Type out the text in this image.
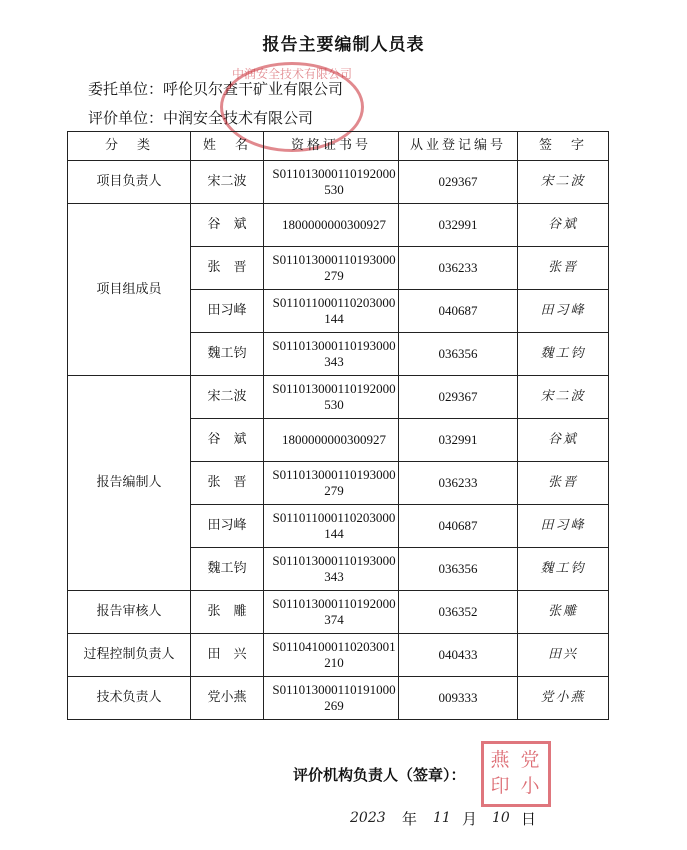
报告主要编制人员表
委托单位：呼伦贝尔查干矿业有限公司
评价单位：中润安全技术有限公司
中润安全技术有限公司
分　类	姓　名	资格证书号	从业登记编号	签　字
项目负责人	宋二波	S011013000110192000530	029367	宋二波
项目组成员	谷　斌	1800000000300927	032991	谷斌
	张　晋	S011013000110193000279	036233	张晋
	田习峰	S011011000110203000144	040687	田习峰
	魏工钧	S011013000110193000343	036356	魏工钧
报告编制人	宋二波	S011013000110192000530	029367	宋二波
	谷　斌	1800000000300927	032991	谷斌
	张　晋	S011013000110193000279	036233	张晋
	田习峰	S011011000110203000144	040687	田习峰
	魏工钧	S011013000110193000343	036356	魏工钧
报告审核人	张　雕	S011013000110192000374	036352	张雕
过程控制负责人	田　兴	S011041000110203001210	040433	田兴
技术负责人	党小燕	S011013000110191000269	009333	党小燕
评价机构负责人（签章）：
党
小
燕
印
2023 年 11 月 10 日
